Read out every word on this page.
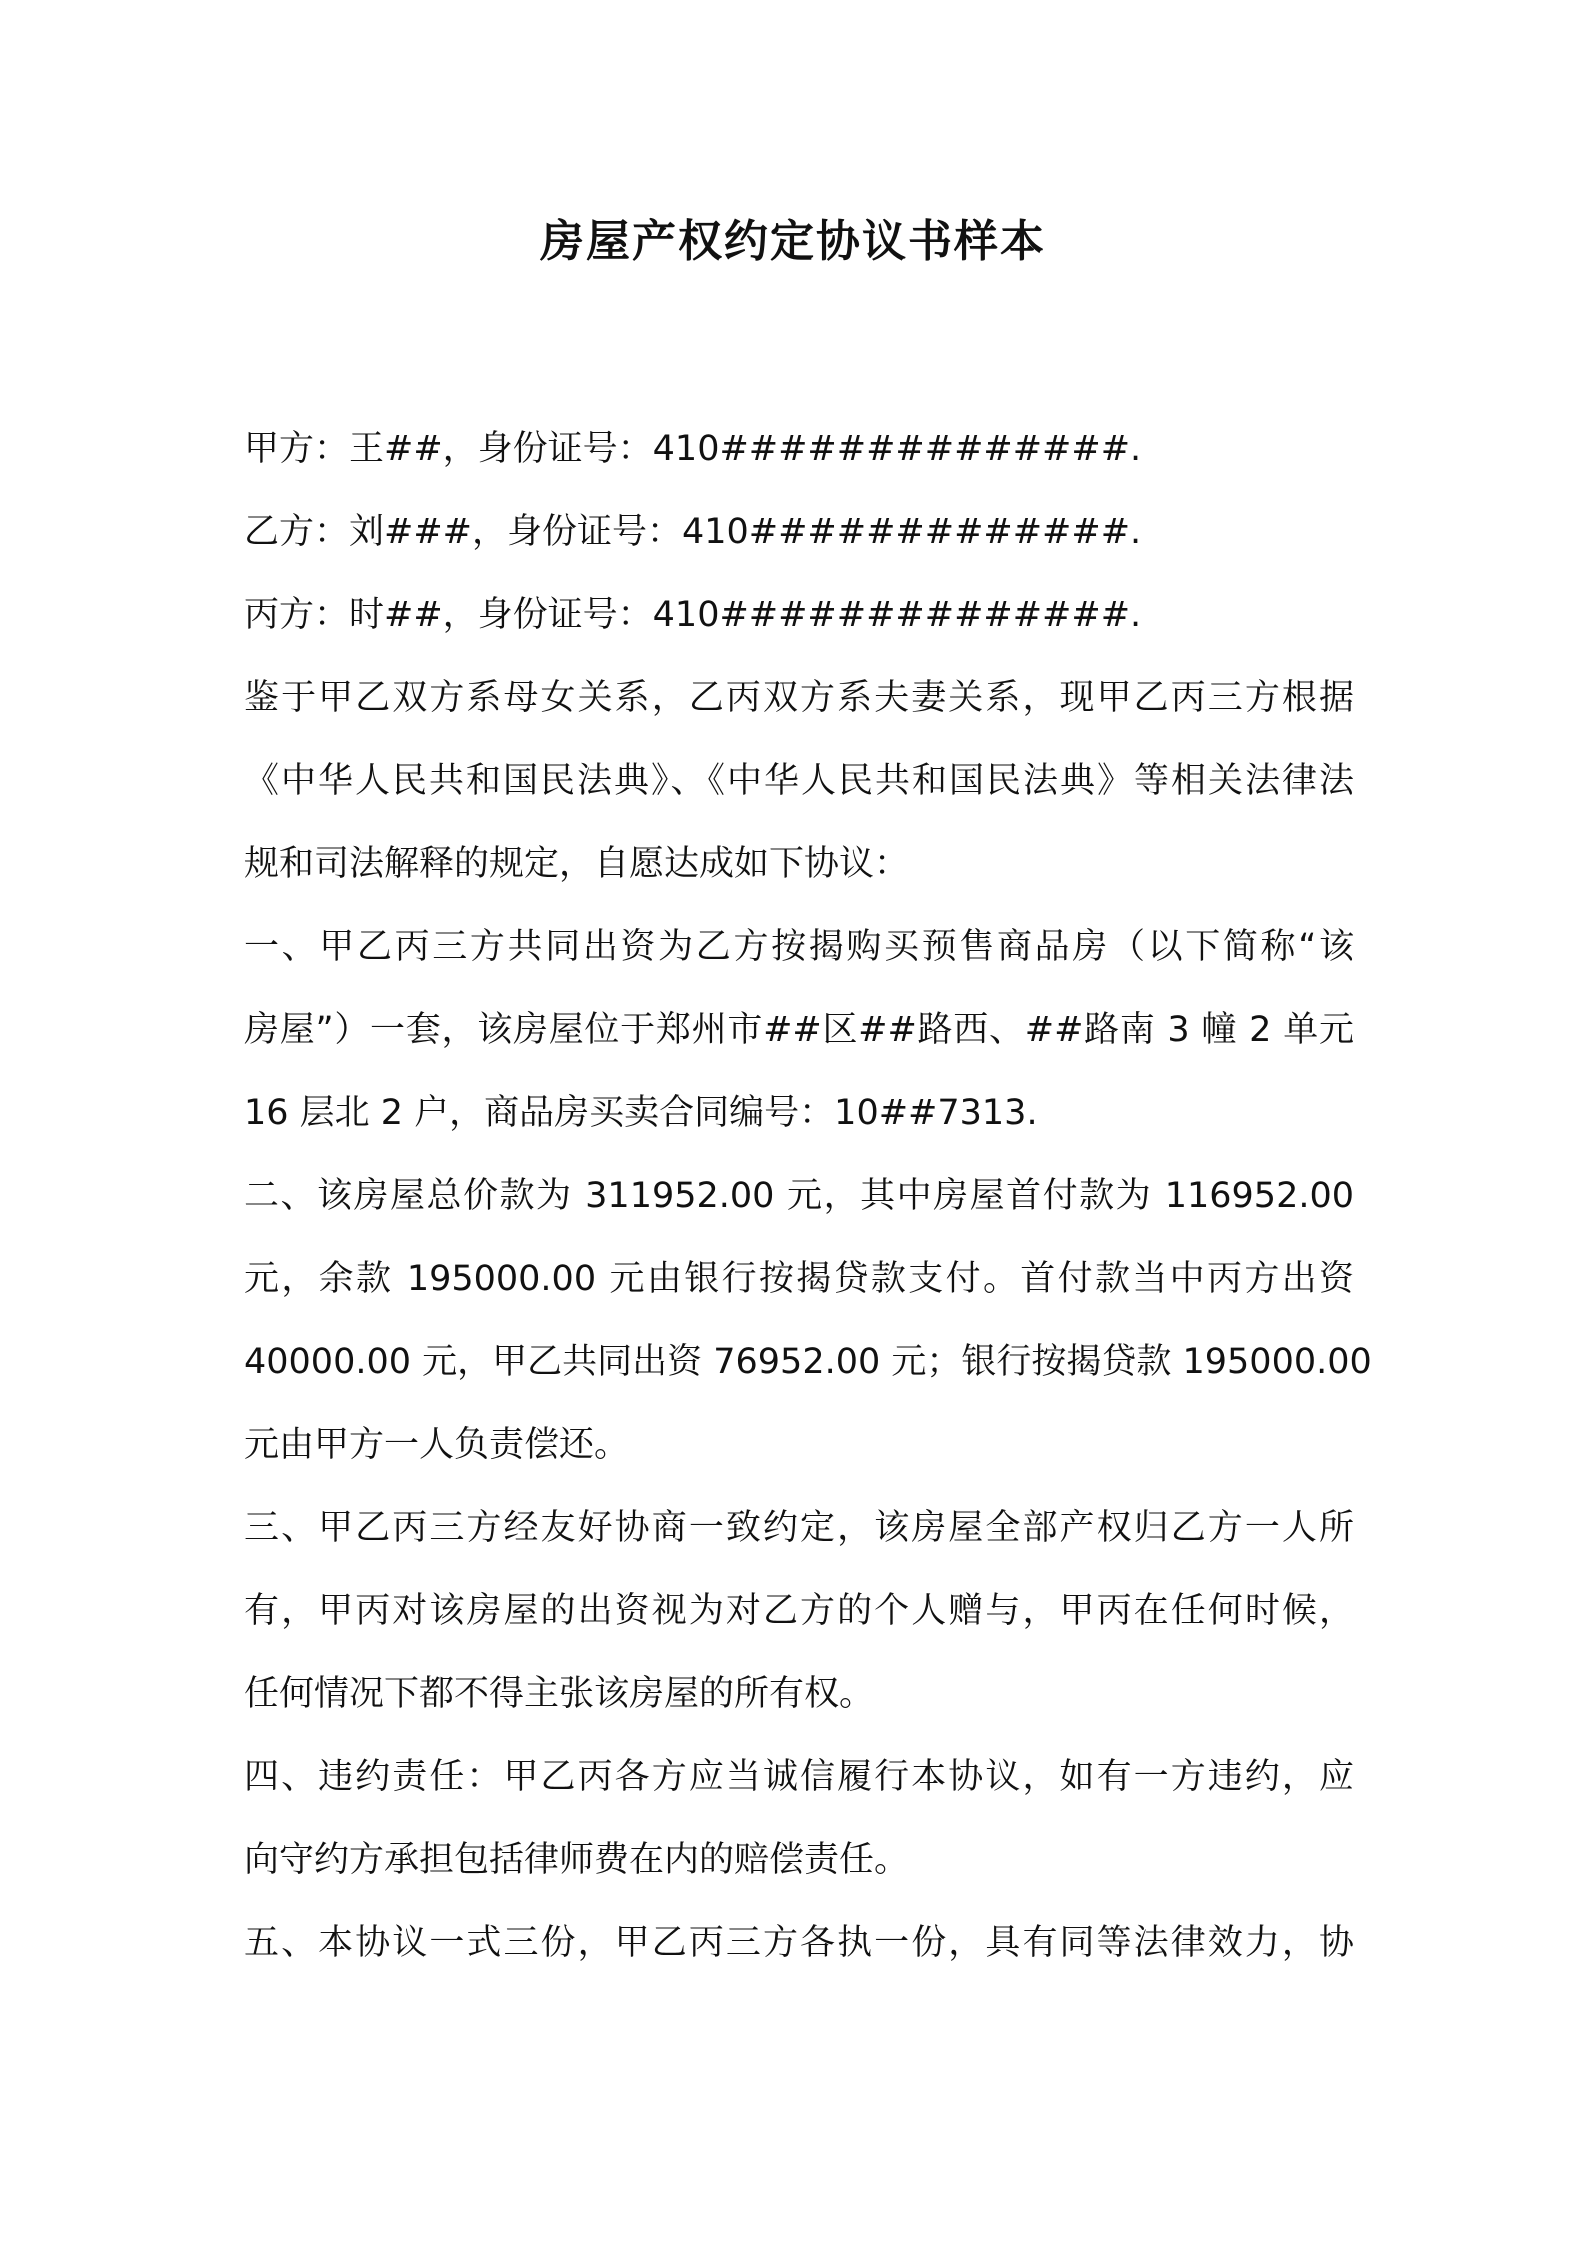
房屋产权约定协议书样本
甲方：王##，身份证号：410##############.
乙方：刘###，身份证号：410#############.
丙方：时##，身份证号：410##############.
鉴于甲乙双方系母女关系，乙丙双方系夫妻关系，现甲乙丙三方根据
《中华人民共和国民法典》、《中华人民共和国民法典》等相关法律法
规和司法解释的规定，自愿达成如下协议：
一、甲乙丙三方共同出资为乙方按揭购买预售商品房（以下简称“该
房屋”）一套，该房屋位于郑州市##区##路西、##路南 3 幢 2 单元
16 层北 2 户，商品房买卖合同编号：10##7313.
二、该房屋总价款为 311952.00 元，其中房屋首付款为 116952.00
元，余款 195000.00 元由银行按揭贷款支付。首付款当中丙方出资
40000.00 元，甲乙共同出资 76952.00 元；银行按揭贷款 195000.00
元由甲方一人负责偿还。
三、甲乙丙三方经友好协商一致约定，该房屋全部产权归乙方一人所
有，甲丙对该房屋的出资视为对乙方的个人赠与，甲丙在任何时候，
任何情况下都不得主张该房屋的所有权。
四、违约责任：甲乙丙各方应当诚信履行本协议，如有一方违约，应
向守约方承担包括律师费在内的赔偿责任。
五、本协议一式三份，甲乙丙三方各执一份，具有同等法律效力，协
